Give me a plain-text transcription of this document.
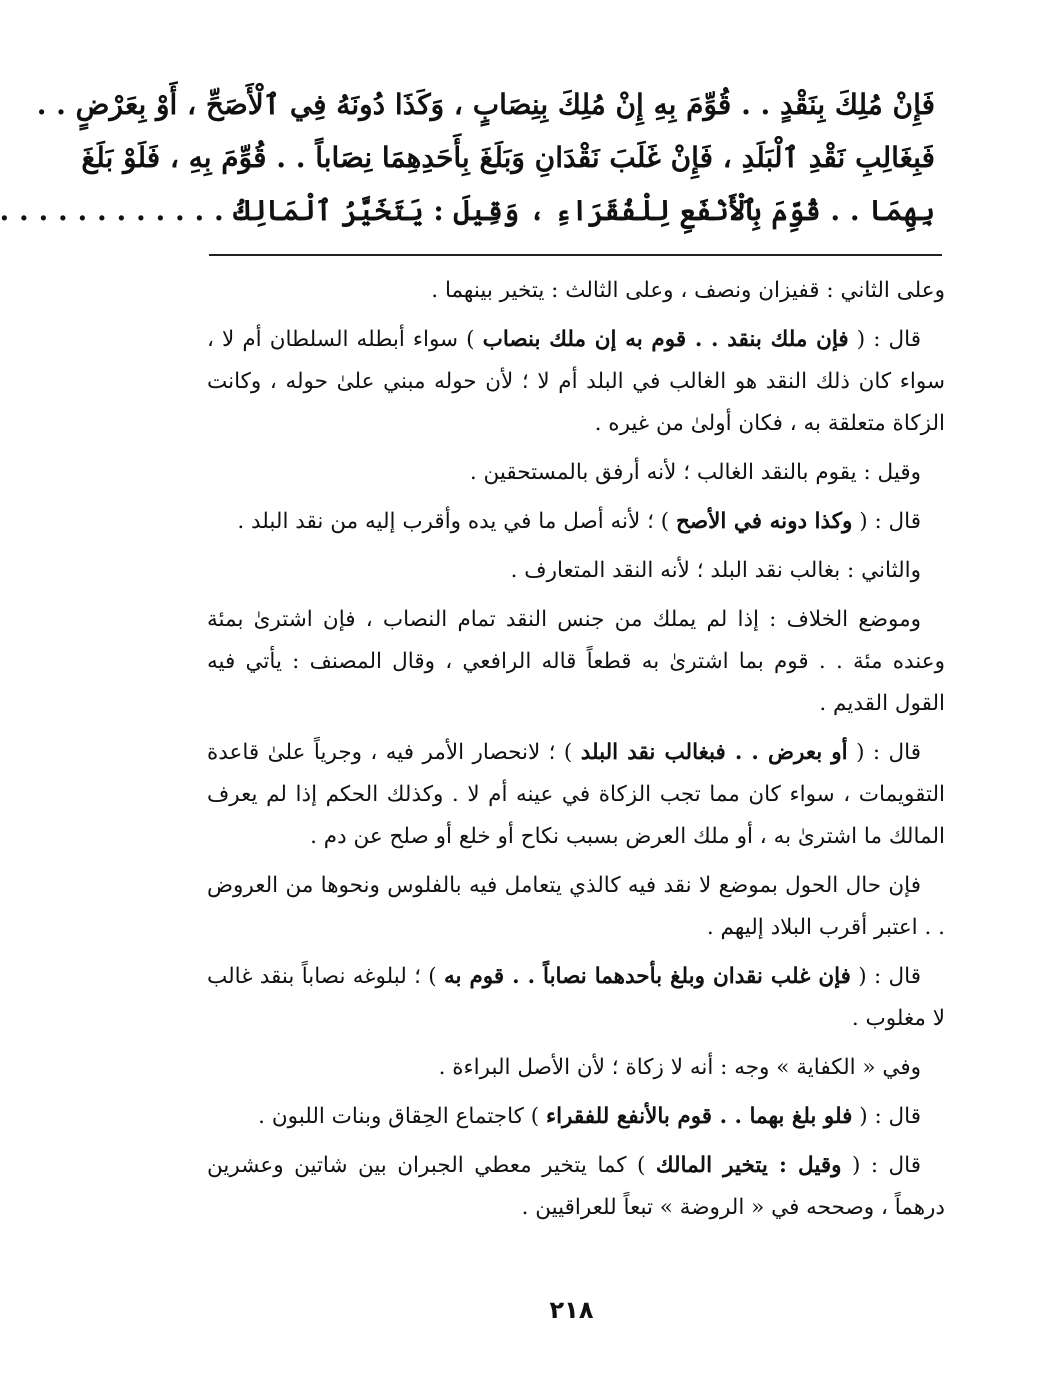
فَإِنْ مُلِكَ بِنَقْدٍ . . قُوِّمَ بِهِ إِنْ مُلِكَ بِنِصَابٍ ، وَكَذَا دُونَهُ فِي ٱلْأَصَحِّ ، أَوْ بِعَرْضٍ . .
فَبِغَالِبِ نَقْدِ ٱلْبَلَدِ ، فَإِنْ غَلَبَ نَقْدَانِ وَبَلَغَ بِأَحَدِهِمَا نِصَاباً . . قُوِّمَ بِهِ ، فَلَوْ بَلَغَ
بِهِمَا . . قُوِّمَ بِٱلْأَنْفَعِ لِلْفُقَرَاءِ ، وَقِيلَ : يَتَخَيَّرُ ٱلْمَالِكُ . . . . . . . . . . . .

وعلى الثاني : قفيزان ونصف ، وعلى الثالث : يتخير بينهما .

قال : ( فإن ملك بنقد . . قوم به إن ملك بنصاب ) سواء أبطله السلطان أم لا ، سواء كان ذلك النقد هو الغالب في البلد أم لا ؛ لأن حوله مبني علىٰ حوله ، وكانت الزكاة متعلقة به ، فكان أولىٰ من غيره .

وقيل : يقوم بالنقد الغالب ؛ لأنه أرفق بالمستحقين .

قال : ( وكذا دونه في الأصح ) ؛ لأنه أصل ما في يده وأقرب إليه من نقد البلد .

والثاني : بغالب نقد البلد ؛ لأنه النقد المتعارف .

وموضع الخلاف : إذا لم يملك من جنس النقد تمام النصاب ، فإن اشترىٰ بمئة وعنده مئة . . قوم بما اشترىٰ به قطعاً قاله الرافعي ، وقال المصنف : يأتي فيه القول القديم .

قال : ( أو بعرض . . فبغالب نقد البلد ) ؛ لانحصار الأمر فيه ، وجرياً علىٰ قاعدة التقويمات ، سواء كان مما تجب الزكاة في عينه أم لا . وكذلك الحكم إذا لم يعرف المالك ما اشترىٰ به ، أو ملك العرض بسبب نكاح أو خلع أو صلح عن دم .

فإن حال الحول بموضع لا نقد فيه كالذي يتعامل فيه بالفلوس ونحوها من العروض . . اعتبر أقرب البلاد إليهم .

قال : ( فإن غلب نقدان وبلغ بأحدهما نصاباً . . قوم به ) ؛ لبلوغه نصاباً بنقد غالب لا مغلوب .

وفي « الكفاية » وجه : أنه لا زكاة ؛ لأن الأصل البراءة .

قال : ( فلو بلغ بهما . . قوم بالأنفع للفقراء ) كاجتماع الحِقاق وبنات اللبون .

قال : ( وقيل : يتخير المالك ) كما يتخير معطي الجبران بين شاتين وعشرين درهماً ، وصححه في « الروضة » تبعاً للعراقيين .

٢١٨
